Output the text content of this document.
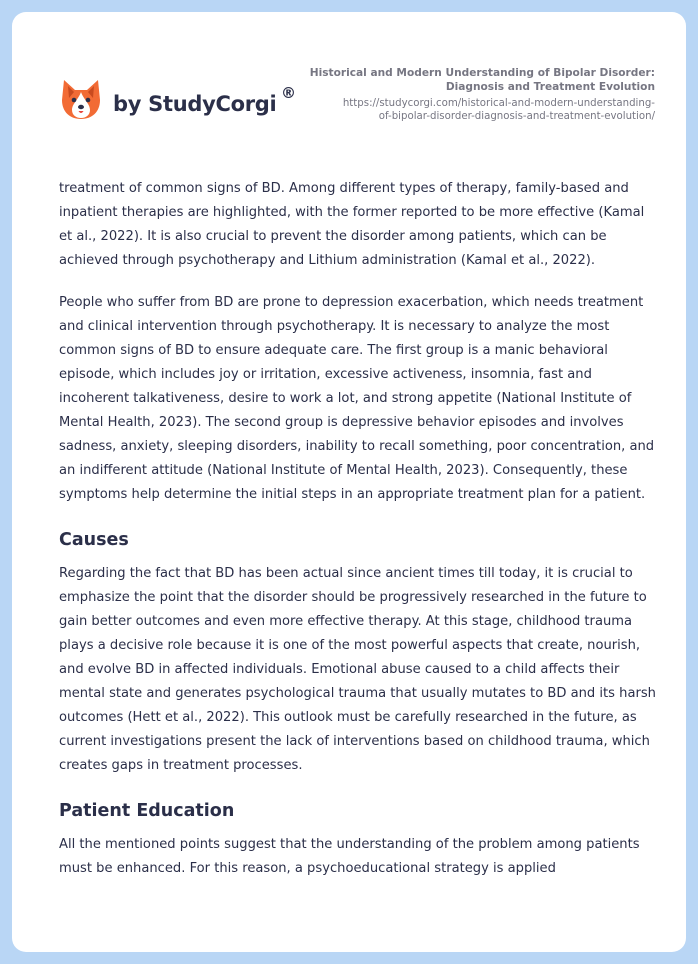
by StudyCorgi ®
Historical and Modern Understanding of Bipolar Disorder:
Diagnosis and Treatment Evolution
https://studycorgi.com/historical-and-modern-understanding-
of-bipolar-disorder-diagnosis-and-treatment-evolution/

treatment of common signs of BD. Among different types of therapy, family-based and inpatient therapies are highlighted, with the former reported to be more effective (Kamal et al., 2022). It is also crucial to prevent the disorder among patients, which can be achieved through psychotherapy and Lithium administration (Kamal et al., 2022).

People who suffer from BD are prone to depression exacerbation, which needs treatment and clinical intervention through psychotherapy. It is necessary to analyze the most common signs of BD to ensure adequate care. The first group is a manic behavioral episode, which includes joy or irritation, excessive activeness, insomnia, fast and incoherent talkativeness, desire to work a lot, and strong appetite (National Institute of Mental Health, 2023). The second group is depressive behavior episodes and involves sadness, anxiety, sleeping disorders, inability to recall something, poor concentration, and an indifferent attitude (National Institute of Mental Health, 2023). Consequently, these symptoms help determine the initial steps in an appropriate treatment plan for a patient.

Causes

Regarding the fact that BD has been actual since ancient times till today, it is crucial to emphasize the point that the disorder should be progressively researched in the future to gain better outcomes and even more effective therapy. At this stage, childhood trauma plays a decisive role because it is one of the most powerful aspects that create, nourish, and evolve BD in affected individuals. Emotional abuse caused to a child affects their mental state and generates psychological trauma that usually mutates to BD and its harsh outcomes (Hett et al., 2022). This outlook must be carefully researched in the future, as current investigations present the lack of interventions based on childhood trauma, which creates gaps in treatment processes.

Patient Education

All the mentioned points suggest that the understanding of the problem among patients must be enhanced. For this reason, a psychoeducational strategy is applied
